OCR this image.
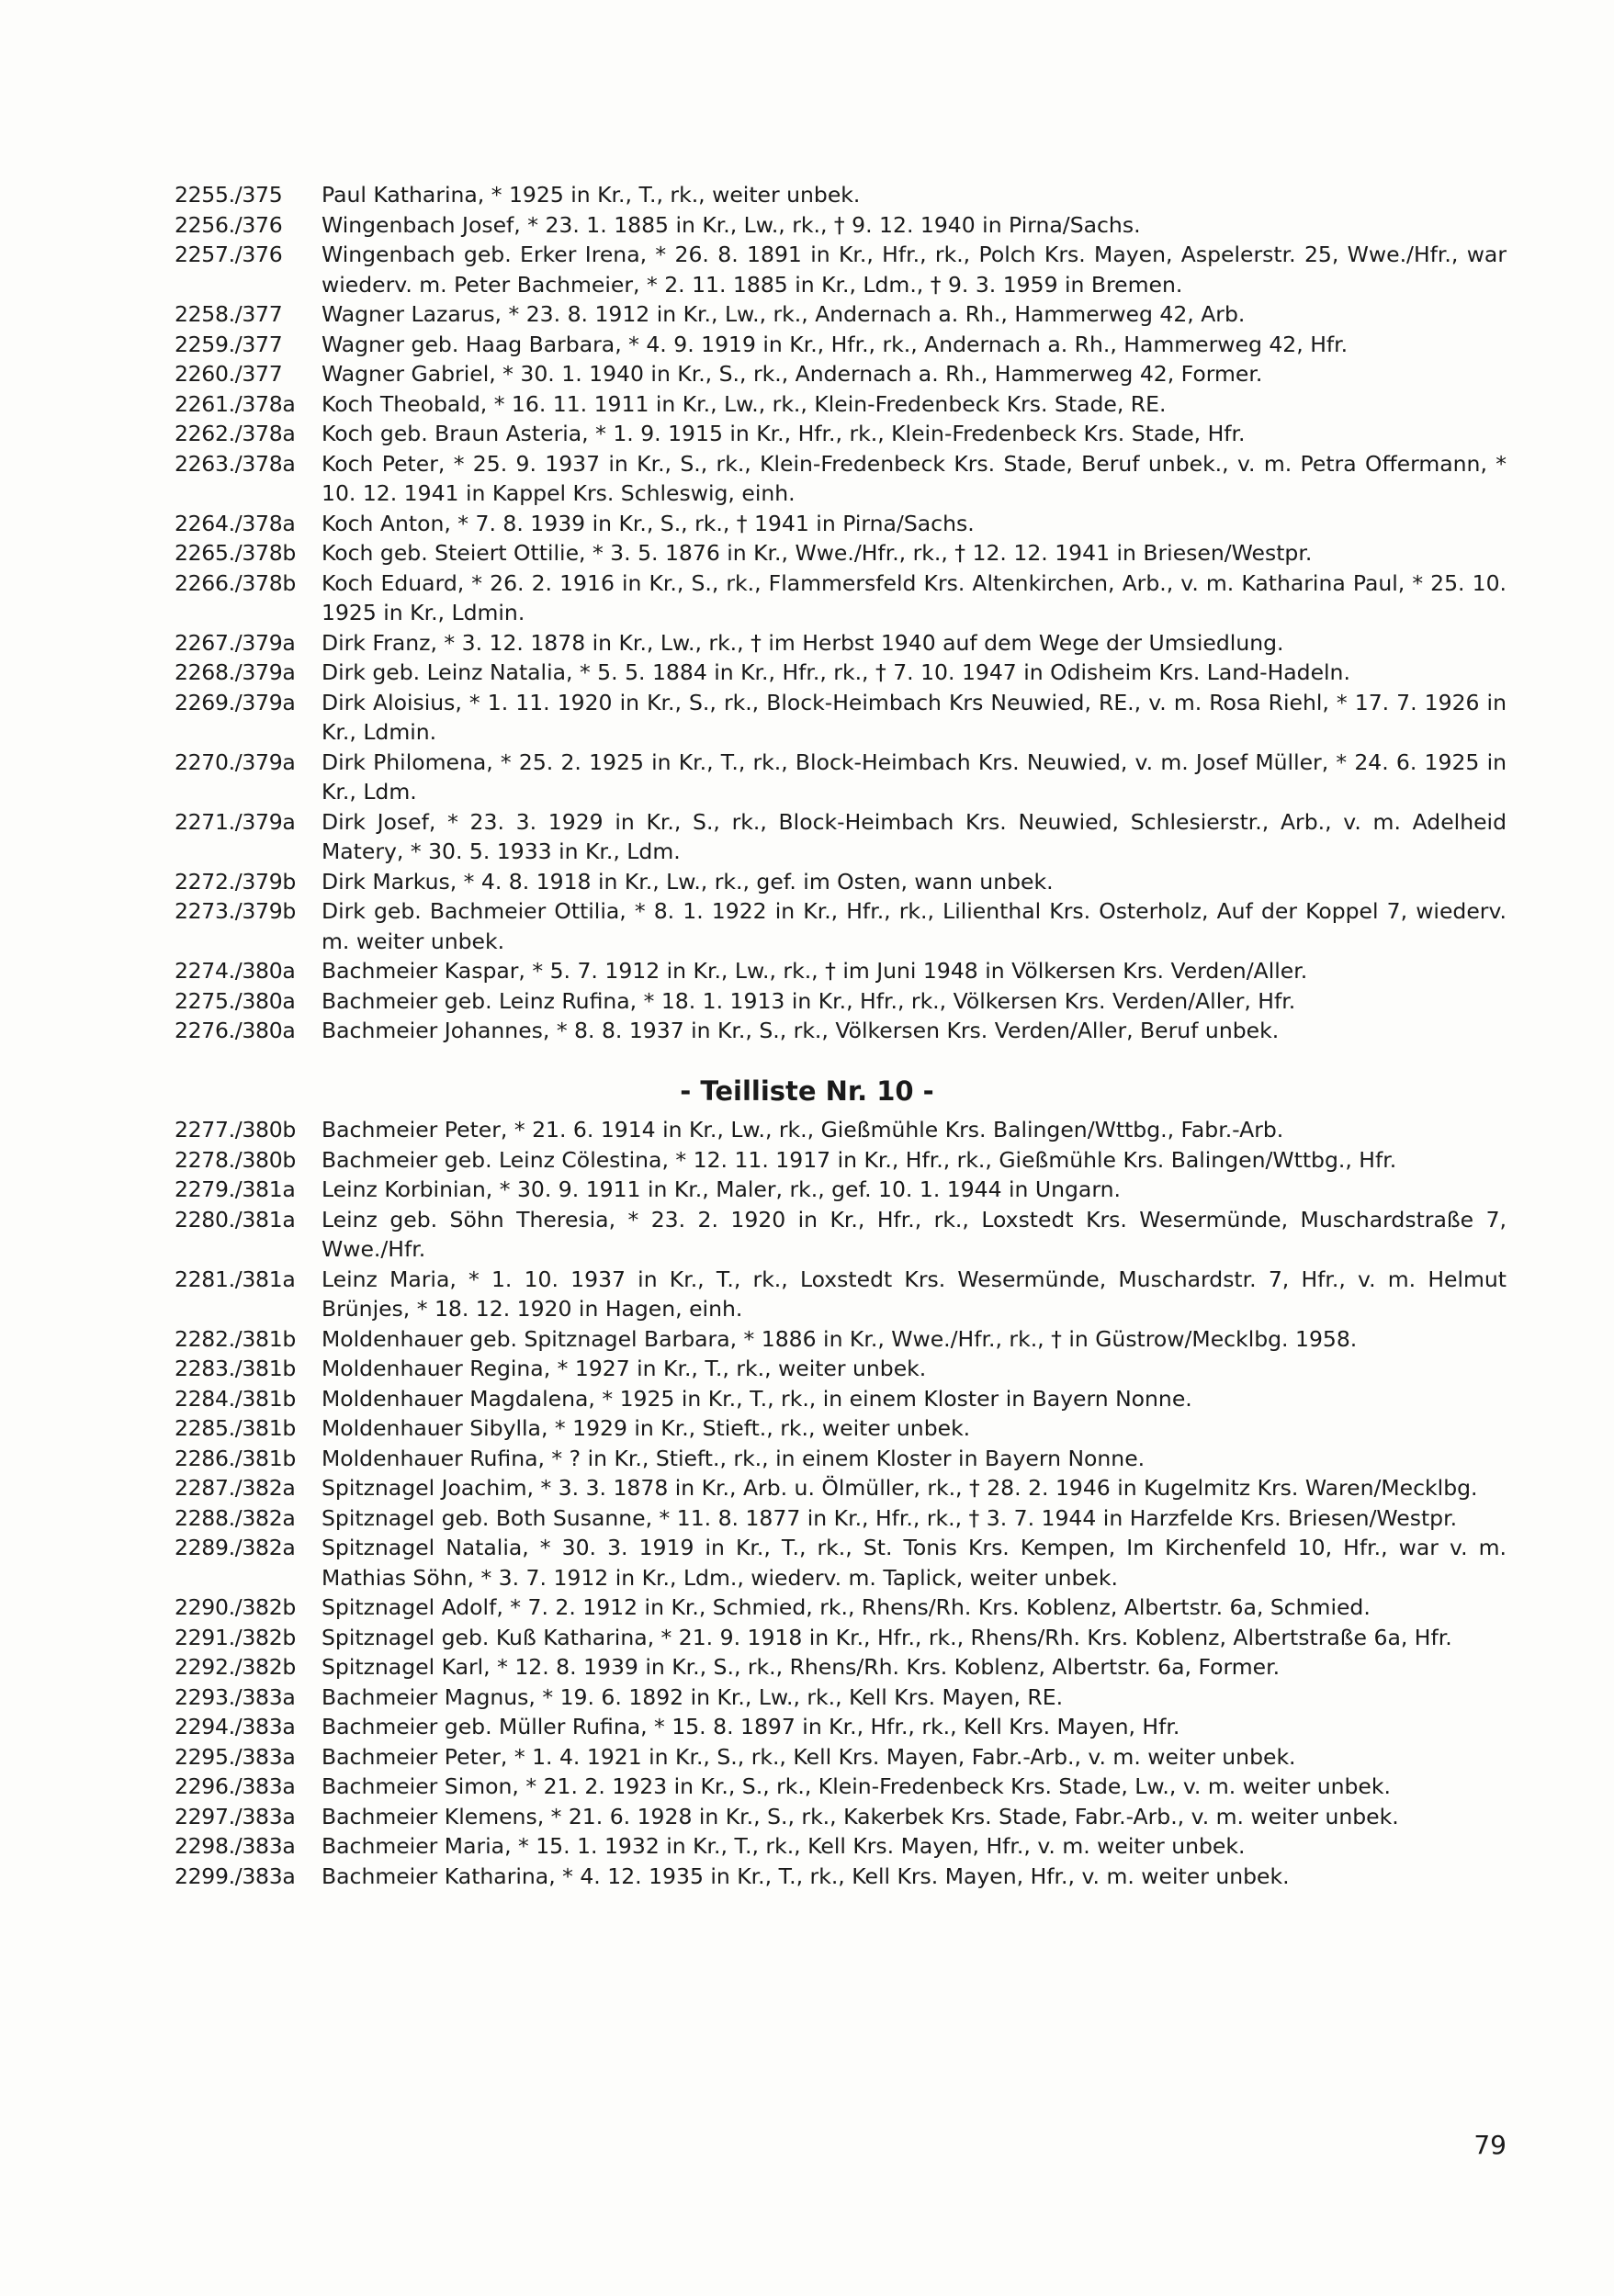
2255./375	Paul Katharina, * 1925 in Kr., T., rk., weiter unbek.
2256./376	Wingenbach Josef, * 23. 1. 1885 in Kr., Lw., rk., † 9. 12. 1940 in Pirna/Sachs.
2257./376	Wingenbach geb. Erker Irena, * 26. 8. 1891 in Kr., Hfr., rk., Polch Krs. Mayen, Aspelerstr. 25, Wwe./Hfr., war wiederv. m. Peter Bachmeier, * 2. 11. 1885 in Kr., Ldm., † 9. 3. 1959 in Bremen.
2258./377	Wagner Lazarus, * 23. 8. 1912 in Kr., Lw., rk., Andernach a. Rh., Hammerweg 42, Arb.
2259./377	Wagner geb. Haag Barbara, * 4. 9. 1919 in Kr., Hfr., rk., Andernach a. Rh., Hammerweg 42, Hfr.
2260./377	Wagner Gabriel, * 30. 1. 1940 in Kr., S., rk., Andernach a. Rh., Hammerweg 42, Former.
2261./378a	Koch Theobald, * 16. 11. 1911 in Kr., Lw., rk., Klein-Fredenbeck Krs. Stade, RE.
2262./378a	Koch geb. Braun Asteria, * 1. 9. 1915 in Kr., Hfr., rk., Klein-Fredenbeck Krs. Stade, Hfr.
2263./378a	Koch Peter, * 25. 9. 1937 in Kr., S., rk., Klein-Fredenbeck Krs. Stade, Beruf unbek., v. m. Petra Offermann, * 10. 12. 1941 in Kappel Krs. Schleswig, einh.
2264./378a	Koch Anton, * 7. 8. 1939 in Kr., S., rk., † 1941 in Pirna/Sachs.
2265./378b	Koch geb. Steiert Ottilie, * 3. 5. 1876 in Kr., Wwe./Hfr., rk., † 12. 12. 1941 in Briesen/Westpr.
2266./378b	Koch Eduard, * 26. 2. 1916 in Kr., S., rk., Flammersfeld Krs. Altenkirchen, Arb., v. m. Katharina Paul, * 25. 10. 1925 in Kr., Ldmin.
2267./379a	Dirk Franz, * 3. 12. 1878 in Kr., Lw., rk., † im Herbst 1940 auf dem Wege der Umsiedlung.
2268./379a	Dirk geb. Leinz Natalia, * 5. 5. 1884 in Kr., Hfr., rk., † 7. 10. 1947 in Odisheim Krs. Land-Hadeln.
2269./379a	Dirk Aloisius, * 1. 11. 1920 in Kr., S., rk., Block-Heimbach Krs Neuwied, RE., v. m. Rosa Riehl, * 17. 7. 1926 in Kr., Ldmin.
2270./379a	Dirk Philomena, * 25. 2. 1925 in Kr., T., rk., Block-Heimbach Krs. Neuwied, v. m. Josef Müller, * 24. 6. 1925 in Kr., Ldm.
2271./379a	Dirk Josef, * 23. 3. 1929 in Kr., S., rk., Block-Heimbach Krs. Neuwied, Schlesierstr., Arb., v. m. Adelheid Matery, * 30. 5. 1933 in Kr., Ldm.
2272./379b	Dirk Markus, * 4. 8. 1918 in Kr., Lw., rk., gef. im Osten, wann unbek.
2273./379b	Dirk geb. Bachmeier Ottilia, * 8. 1. 1922 in Kr., Hfr., rk., Lilienthal Krs. Osterholz, Auf der Koppel 7, wiederv. m. weiter unbek.
2274./380a	Bachmeier Kaspar, * 5. 7. 1912 in Kr., Lw., rk., † im Juni 1948 in Völkersen Krs. Verden/Aller.
2275./380a	Bachmeier geb. Leinz Rufina, * 18. 1. 1913 in Kr., Hfr., rk., Völkersen Krs. Verden/Aller, Hfr.
2276./380a	Bachmeier Johannes, * 8. 8. 1937 in Kr., S., rk., Völkersen Krs. Verden/Aller, Beruf unbek.
- Teilliste Nr. 10 -
2277./380b	Bachmeier Peter, * 21. 6. 1914 in Kr., Lw., rk., Gießmühle Krs. Balingen/Wttbg., Fabr.-Arb.
2278./380b	Bachmeier geb. Leinz Cölestina, * 12. 11. 1917 in Kr., Hfr., rk., Gießmühle Krs. Balingen/Wttbg., Hfr.
2279./381a	Leinz Korbinian, * 30. 9. 1911 in Kr., Maler, rk., gef. 10. 1. 1944 in Ungarn.
2280./381a	Leinz geb. Söhn Theresia, * 23. 2. 1920 in Kr., Hfr., rk., Loxstedt Krs. Wesermünde, Muschardstraße 7, Wwe./Hfr.
2281./381a	Leinz Maria, * 1. 10. 1937 in Kr., T., rk., Loxstedt Krs. Wesermünde, Muschardstr. 7, Hfr., v. m. Helmut Brünjes, * 18. 12. 1920 in Hagen, einh.
2282./381b	Moldenhauer geb. Spitznagel Barbara, * 1886 in Kr., Wwe./Hfr., rk., † in Güstrow/Mecklbg. 1958.
2283./381b	Moldenhauer Regina, * 1927 in Kr., T., rk., weiter unbek.
2284./381b	Moldenhauer Magdalena, * 1925 in Kr., T., rk., in einem Kloster in Bayern Nonne.
2285./381b	Moldenhauer Sibylla, * 1929 in Kr., Stieft., rk., weiter unbek.
2286./381b	Moldenhauer Rufina, * ? in Kr., Stieft., rk., in einem Kloster in Bayern Nonne.
2287./382a	Spitznagel Joachim, * 3. 3. 1878 in Kr., Arb. u. Ölmüller, rk., † 28. 2. 1946 in Kugelmitz Krs. Waren/Mecklbg.
2288./382a	Spitznagel geb. Both Susanne, * 11. 8. 1877 in Kr., Hfr., rk., † 3. 7. 1944 in Harzfelde Krs. Briesen/Westpr.
2289./382a	Spitznagel Natalia, * 30. 3. 1919 in Kr., T., rk., St. Tonis Krs. Kempen, Im Kirchenfeld 10, Hfr., war v. m. Mathias Söhn, * 3. 7. 1912 in Kr., Ldm., wiederv. m. Taplick, weiter unbek.
2290./382b	Spitznagel Adolf, * 7. 2. 1912 in Kr., Schmied, rk., Rhens/Rh. Krs. Koblenz, Albertstr. 6a, Schmied.
2291./382b	Spitznagel geb. Kuß Katharina, * 21. 9. 1918 in Kr., Hfr., rk., Rhens/Rh. Krs. Koblenz, Albertstraße 6a, Hfr.
2292./382b	Spitznagel Karl, * 12. 8. 1939 in Kr., S., rk., Rhens/Rh. Krs. Koblenz, Albertstr. 6a, Former.
2293./383a	Bachmeier Magnus, * 19. 6. 1892 in Kr., Lw., rk., Kell Krs. Mayen, RE.
2294./383a	Bachmeier geb. Müller Rufina, * 15. 8. 1897 in Kr., Hfr., rk., Kell Krs. Mayen, Hfr.
2295./383a	Bachmeier Peter, * 1. 4. 1921 in Kr., S., rk., Kell Krs. Mayen, Fabr.-Arb., v. m. weiter unbek.
2296./383a	Bachmeier Simon, * 21. 2. 1923 in Kr., S., rk., Klein-Fredenbeck Krs. Stade, Lw., v. m. weiter unbek.
2297./383a	Bachmeier Klemens, * 21. 6. 1928 in Kr., S., rk., Kakerbek Krs. Stade, Fabr.-Arb., v. m. weiter unbek.
2298./383a	Bachmeier Maria, * 15. 1. 1932 in Kr., T., rk., Kell Krs. Mayen, Hfr., v. m. weiter unbek.
2299./383a	Bachmeier Katharina, * 4. 12. 1935 in Kr., T., rk., Kell Krs. Mayen, Hfr., v. m. weiter unbek.
79
